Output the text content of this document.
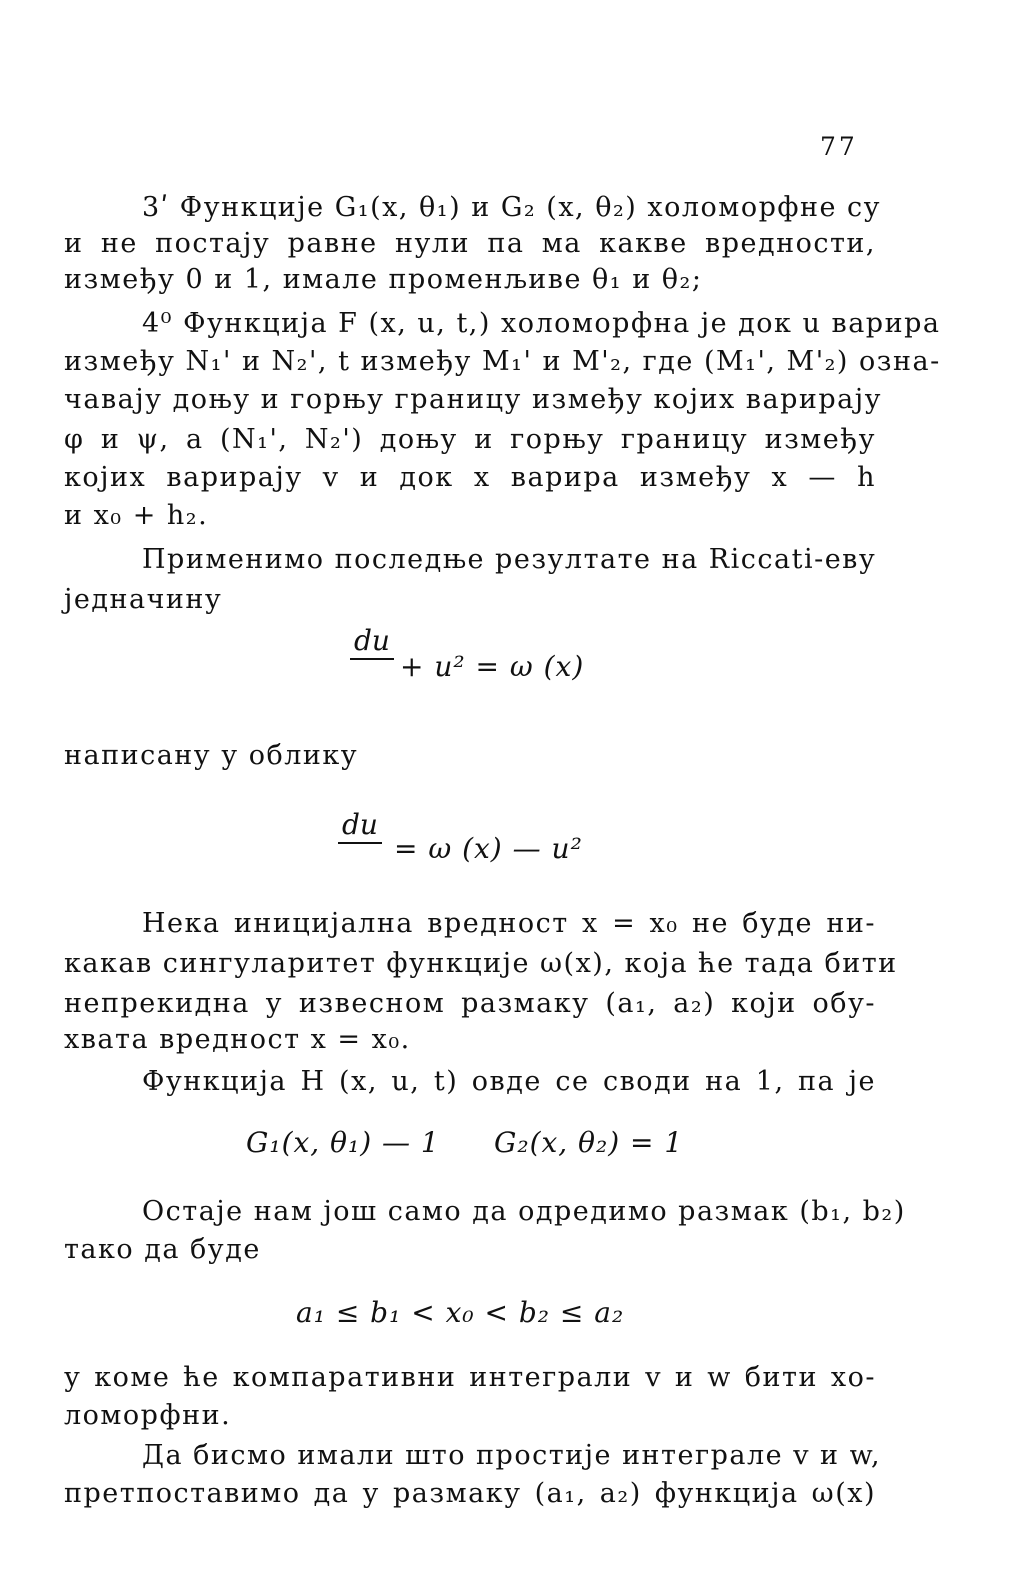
77
3ʹ Функције G₁(x, θ₁) и G₂ (x, θ₂) холоморфне су
и не постају равне нули па ма какве вредности,
између 0 и 1, имале променљиве θ₁ и θ₂;
4⁰ Функција F (x, u, t,) холоморфна је док u варира
између N₁' и N₂', t између M₁' и M'₂, где (M₁', M'₂) озна-
чавају доњу и горњу границу између којих варирају
φ и ψ, а (N₁', N₂') доњу и горњу границу између
којих варирају v и док x варира између x — h
и x₀ + h₂.
Применимо последње резултате на Riccati-еву
једначину
du
+ u² = ω (x)
написану у облику
du
= ω (x) — u²
Нека иницијална вредност x = x₀ не буде ни-
какав сингуларитет функције ω(x), која ће тада бити
непрекидна у извесном размаку (a₁, a₂) који обу-
хвата вредност x = x₀.
Функција H (x, u, t) овде се своди на 1, па је
G₁(x, θ₁) — 1 G₂(x, θ₂) = 1
Остаје нам још само да одредимо размак (b₁, b₂)
тако да буде
a₁ ≤ b₁ < x₀ < b₂ ≤ a₂
у коме ће компаративни интеграли v и w бити хо-
ломорфни.
Да бисмо имали што простије интеграле v и w,
претпоставимо да у размаку (a₁, a₂) функција ω(x)
